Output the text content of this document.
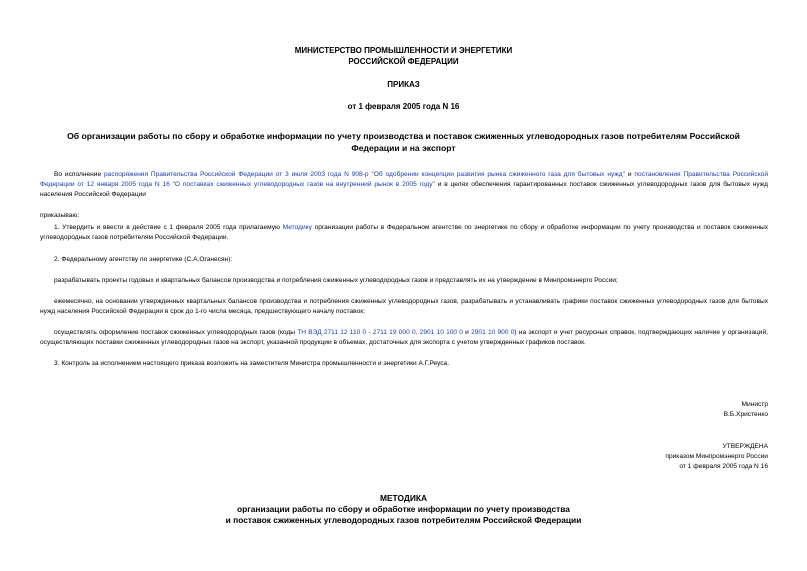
МИНИСТЕРСТВО ПРОМЫШЛЕННОСТИ И ЭНЕРГЕТИКИ
РОССИЙСКОЙ ФЕДЕРАЦИИ
ПРИКАЗ
от 1 февраля 2005 года N 16
Об организации работы по сбору и обработке информации по учету производства и поставок сжиженных углеводородных газов потребителям Российской
Федерации и на экспорт
Во исполнение распоряжения Правительства Российской Федерации от 3 июля 2003 года N 908-р "Об одобрении концепции развития рынка сжиженного газа для бытовых нужд" и постановления Правительства Российской Федерации от 12 января 2005 года N 16 "О поставках сжиженных углеводородных газов на внутренний рынок в 2005 году" и в целях обеспечения гарантированных поставок сжиженных углеводородных газов для бытовых нужд населения Российской Федерации
приказываю:
1. Утвердить и ввести в действие с 1 февраля 2005 года прилагаемую Методику организации работы в Федеральном агентстве по энергетике по сбору и обработке информации по учету производства и поставок сжиженных углеводородных газов потребителям Российской Федерации.
2. Федеральному агентству по энергетике (С.А.Оганесян):
разрабатывать проекты годовых и квартальных балансов производства и потребления сжиженных углеводородных газов и представлять их на утверждение в Минпромэнерго России;
ежемесячно, на основании утвержденных квартальных балансов производства и потребления сжиженных углеводородных газов, разрабатывать и устанавливать графики поставок сжиженных углеводородных газов для бытовых нужд населения Российской Федерации в срок до 1-го числа месяца, предшествующего началу поставок;
осуществлять оформление поставок сжиженных углеводородных газов (коды ТН ВЭД 2711 12 110 0 - 2711 19 000 0, 2901 10 100 0 и 2901 10 900 0) на экспорт и учет ресурсных справок, подтверждающих наличие у организаций, осуществляющих поставки сжиженных углеводородных газов на экспорт, указанной продукции в объемах, достаточных для экспорта с учетом утвержденных графиков поставок.
3. Контроль за исполнением настоящего приказа возложить на заместителя Министра промышленности и энергетики А.Г.Реуса.
Министр
В.Б.Христенко
УТВЕРЖДЕНА
приказом Минпромэнерго России
от 1 февраля 2005 года N 16
МЕТОДИКА
организации работы по сбору и обработке информации по учету производства
и поставок сжиженных углеводородных газов потребителям Российской Федерации
